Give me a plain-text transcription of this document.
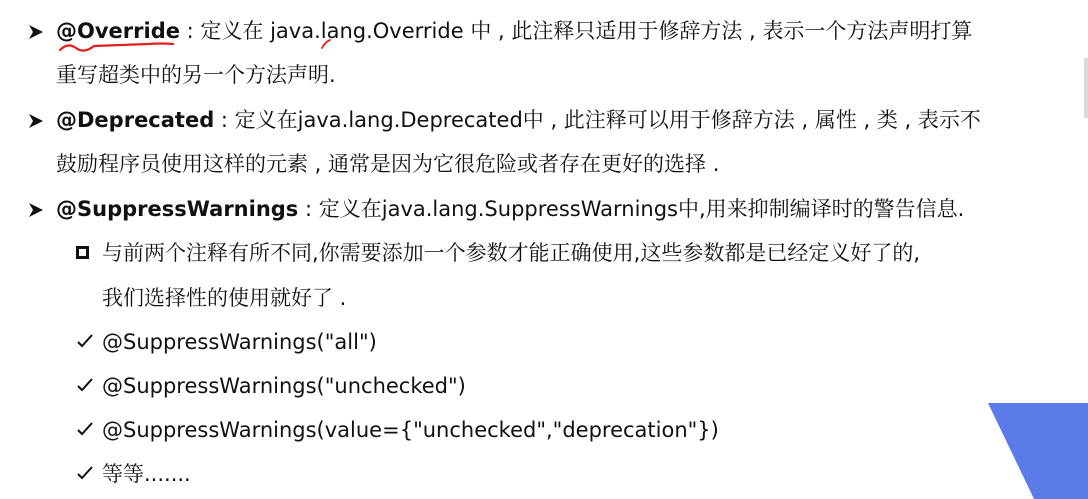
@Override : 定义在 java.lang.Override 中 , 此注释只适用于修辞方法 , 表示一个方法声明打算
重写超类中的另一个方法声明.
@Deprecated : 定义在java.lang.Deprecated中 , 此注释可以用于修辞方法 , 属性 , 类 , 表示不
鼓励程序员使用这样的元素 , 通常是因为它很危险或者存在更好的选择 .
@SuppressWarnings : 定义在java.lang.SuppressWarnings中,用来抑制编译时的警告信息.
与前两个注释有所不同,你需要添加一个参数才能正确使用,这些参数都是已经定义好了的,
我们选择性的使用就好了 .
@SuppressWarnings("all")
@SuppressWarnings("unchecked")
@SuppressWarnings(value={"unchecked","deprecation"})
等等.......
